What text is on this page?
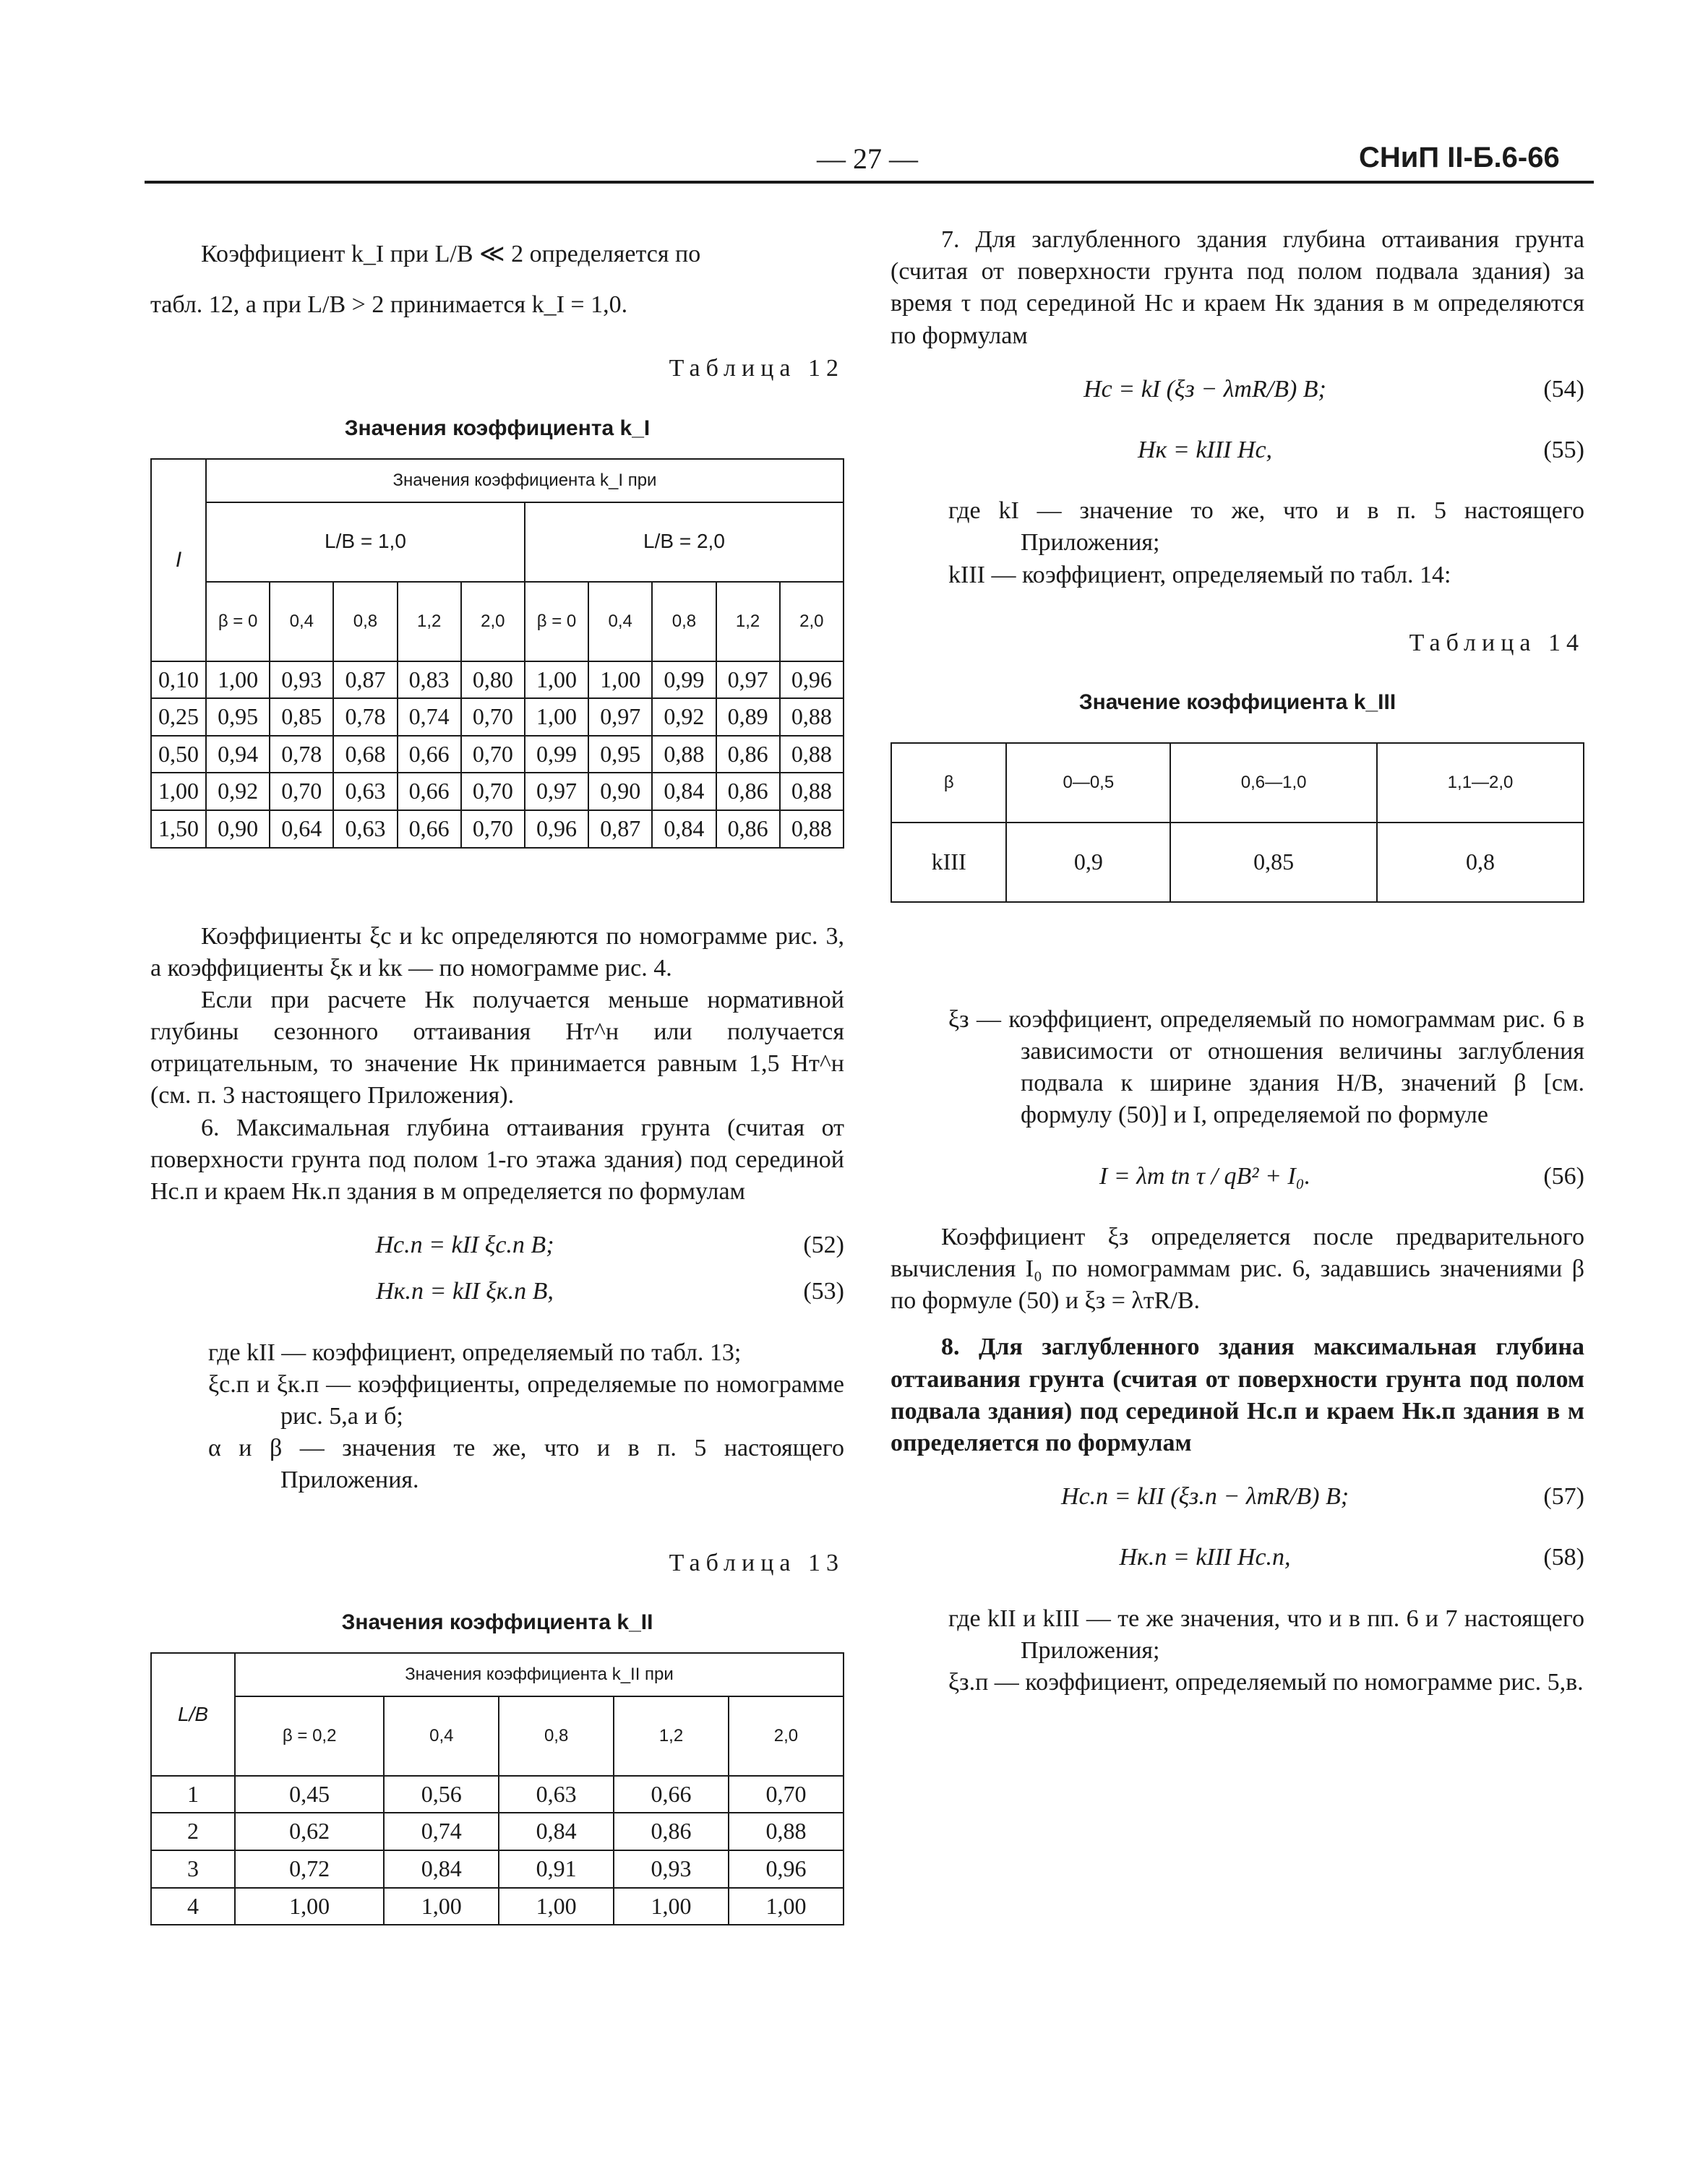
— 27 —	СНиП II-Б.6-66

Коэффициент k_I при L/B ≪ 2 определяется по

табл. 12, а при L/B > 2 принимается k_I = 1,0.

Таблица 12

Значения коэффициента k_I

I	Значения коэффициента k_I при									
	L/B = 1,0					L/B = 2,0				
	β = 0	0,4	0,8	1,2	2,0	β = 0	0,4	0,8	1,2	2,0
0,10	1,00	0,93	0,87	0,83	0,80	1,00	1,00	0,99	0,97	0,96
0,25	0,95	0,85	0,78	0,74	0,70	1,00	0,97	0,92	0,89	0,88
0,50	0,94	0,78	0,68	0,66	0,70	0,99	0,95	0,88	0,86	0,88
1,00	0,92	0,70	0,63	0,66	0,70	0,97	0,90	0,84	0,86	0,88
1,50	0,90	0,64	0,63	0,66	0,70	0,96	0,87	0,84	0,86	0,88

Коэффициенты ξс и kс определяются по номограмме рис. 3, а коэффициенты ξк и kк — по номограмме рис. 4.

Если при расчете Hк получается меньше нормативной глубины сезонного оттаивания Hт^н или получается отрицательным, то значение Hк принимается равным 1,5 Hт^н (см. п. 3 настоящего Приложения).

6. Максимальная глубина оттаивания грунта (считая от поверхности грунта под полом 1-го этажа здания) под серединой Hс.п и краем Hк.п здания в м определяется по формулам

Hс.п = kII ξс.п B;	(52)
Hк.п = kII ξк.п B,	(53)

где kII — коэффициент, определяемый по табл. 13;

ξс.п и ξк.п — коэффициенты, определяемые по номограмме рис. 5,а и б;

α и β — значения те же, что и в п. 5 настоящего Приложения.

Таблица 13

Значения коэффициента k_II

L/B	Значения коэффициента k_II при				
	β = 0,2	0,4	0,8	1,2	2,0
1	0,45	0,56	0,63	0,66	0,70
2	0,62	0,74	0,84	0,86	0,88
3	0,72	0,84	0,91	0,93	0,96
4	1,00	1,00	1,00	1,00	1,00

7. Для заглубленного здания глубина оттаивания грунта (считая от поверхности грунта под полом подвала здания) за время τ под серединой Hс и краем Hк здания в м определяются по формулам

Hс = kI (ξз − λтR/B) B;	(54)
Hк = kIII Hс,	(55)

где kI — значение то же, что и в п. 5 настоящего Приложения;

kIII — коэффициент, определяемый по табл. 14:

Таблица 14

Значение коэффициента k_III

β	0—0,5	0,6—1,0	1,1—2,0
kIII	0,9	0,85	0,8

ξз — коэффициент, определяемый по номограммам рис. 6 в зависимости от отношения величины заглубления подвала к ширине здания H/B, значений β [см. формулу (50)] и I, определяемой по формуле

I = λт tп τ / qB² + I₀.	(56)

Коэффициент ξз определяется после предварительного вычисления I₀ по номограммам рис. 6, задавшись значениями β по формуле (50) и ξз = λтR/B.

8. Для заглубленного здания максимальная глубина оттаивания грунта (считая от поверхности грунта под полом подвала здания) под серединой Hс.п и краем Hк.п здания в м определяется по формулам

Hс.п = kII (ξз.п − λтR/B) B;	(57)
Hк.п = kIII Hс.п,	(58)

где kII и kIII — те же значения, что и в пп. 6 и 7 настоящего Приложения;

ξз.п — коэффициент, определяемый по номограмме рис. 5,в.
